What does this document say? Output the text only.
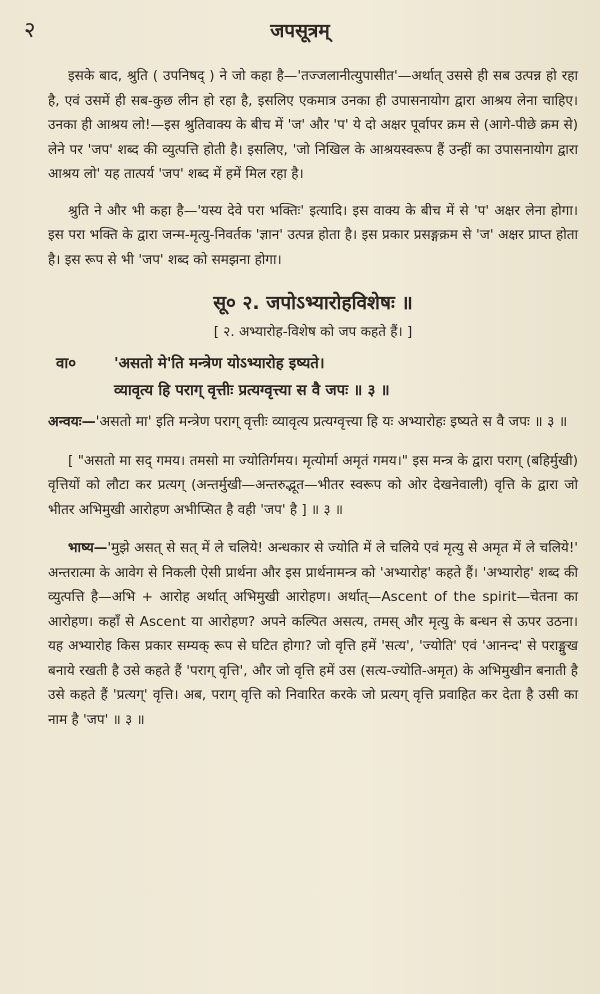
२	जपसूत्रम्

इसके बाद, श्रुति ( उपनिषद् ) ने जो कहा है—'तज्जलानीत्युपासीत'—अर्थात् उससे ही सब उत्पन्न हो रहा है, एवं उसमें ही सब-कुछ लीन हो रहा है, इसलिए एकमात्र उनका ही उपासनायोग द्वारा आश्रय लेना चाहिए। उनका ही आश्रय लो!—इस श्रुतिवाक्य के बीच में 'ज' और 'प' ये दो अक्षर पूर्वापर क्रम से (आगे-पीछे क्रम से) लेने पर 'जप' शब्द की व्युत्पत्ति होती है। इसलिए, 'जो निखिल के आश्रयस्वरूप हैं उन्हीं का उपासनायोग द्वारा आश्रय लो' यह तात्पर्य 'जप' शब्द में हमें मिल रहा है।

श्रुति ने और भी कहा है—'यस्य देवे परा भक्तिः' इत्यादि। इस वाक्य के बीच में से 'प' अक्षर लेना होगा। इस परा भक्ति के द्वारा जन्म-मृत्यु-निवर्तक 'ज्ञान' उत्पन्न होता है। इस प्रकार प्रसङ्गक्रम से 'ज' अक्षर प्राप्त होता है। इस रूप से भी 'जप' शब्द को समझना होगा।

सू० २. जपोऽभ्यारोहविशेषः ॥
[ २. अभ्यारोह-विशेष को जप कहते हैं। ]
वा०	'असतो मे'ति मन्त्रेण योऽभ्यारोह इष्यते।
व्यावृत्य हि पराग् वृत्तीः प्रत्यग्वृत्त्या स वै जपः ॥ ३ ॥

अन्वयः—'असतो मा' इति मन्त्रेण पराग् वृत्तीः व्यावृत्य प्रत्यग्वृत्त्या हि यः अभ्यारोहः इष्यते स वै जपः ॥ ३ ॥

[ "असतो मा सद् गमय। तमसो मा ज्योतिर्गमय। मृत्योर्मा अमृतं गमय।" इस मन्त्र के द्वारा पराग् (बहिर्मुखी) वृत्तियों को लौटा कर प्रत्यग् (अन्तर्मुखी—अन्तरुद्भूत—भीतर स्वरूप को ओर देखनेवाली) वृत्ति के द्वारा जो भीतर अभिमुखी आरोहण अभीप्सित है वही 'जप' है ] ॥ ३ ॥

भाष्य—'मुझे असत् से सत् में ले चलिये! अन्धकार से ज्योति में ले चलिये एवं मृत्यु से अमृत में ले चलिये!' अन्तरात्मा के आवेग से निकली ऐसी प्रार्थना और इस प्रार्थनामन्त्र को 'अभ्यारोह' कहते हैं। 'अभ्यारोह' शब्द की व्युत्पत्ति है—अभि + आरोह अर्थात् अभिमुखी आरोहण। अर्थात्—Ascent of the spirit—चेतना का आरोहण। कहाँ से Ascent या आरोहण? अपने कल्पित असत्य, तमस् और मृत्यु के बन्धन से ऊपर उठना। यह अभ्यारोह किस प्रकार सम्यक् रूप से घटित होगा? जो वृत्ति हमें 'सत्य', 'ज्योति' एवं 'आनन्द' से पराङ्मुख बनाये रखती है उसे कहते हैं 'पराग् वृत्ति', और जो वृत्ति हमें उस (सत्य-ज्योति-अमृत) के अभिमुखीन बनाती है उसे कहते हैं 'प्रत्यग्' वृत्ति। अब, पराग् वृत्ति को निवारित करके जो प्रत्यग् वृत्ति प्रवाहित कर देता है उसी का नाम है 'जप' ॥ ३ ॥
